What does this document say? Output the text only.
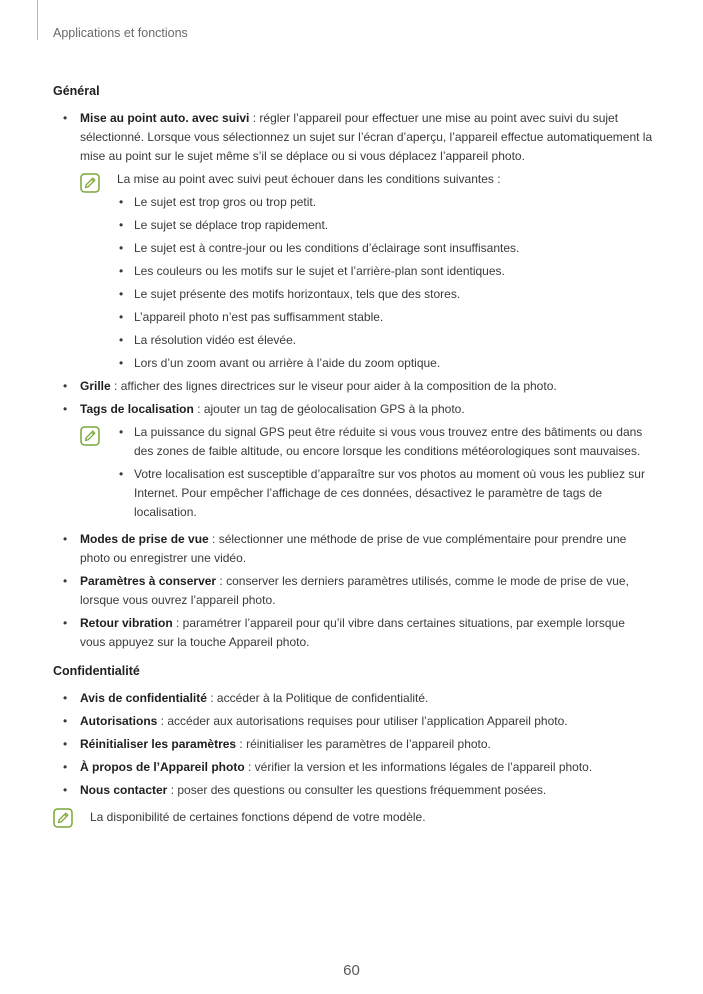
Applications et fonctions
Général
• Mise au point auto. avec suivi : régler l’appareil pour effectuer une mise au point avec suivi du sujet sélectionné. Lorsque vous sélectionnez un sujet sur l’écran d’aperçu, l’appareil effectue automatiquement la mise au point sur le sujet même s’il se déplace ou si vous déplacez l’appareil photo.
La mise au point avec suivi peut échouer dans les conditions suivantes :
• Le sujet est trop gros ou trop petit.
• Le sujet se déplace trop rapidement.
• Le sujet est à contre-jour ou les conditions d’éclairage sont insuffisantes.
• Les couleurs ou les motifs sur le sujet et l’arrière-plan sont identiques.
• Le sujet présente des motifs horizontaux, tels que des stores.
• L’appareil photo n’est pas suffisamment stable.
• La résolution vidéo est élevée.
• Lors d’un zoom avant ou arrière à l’aide du zoom optique.
• Grille : afficher des lignes directrices sur le viseur pour aider à la composition de la photo.
• Tags de localisation : ajouter un tag de géolocalisation GPS à la photo.
• La puissance du signal GPS peut être réduite si vous vous trouvez entre des bâtiments ou dans des zones de faible altitude, ou encore lorsque les conditions météorologiques sont mauvaises.
• Votre localisation est susceptible d’apparaître sur vos photos au moment où vous les publiez sur Internet. Pour empêcher l’affichage de ces données, désactivez le paramètre de tags de localisation.
• Modes de prise de vue : sélectionner une méthode de prise de vue complémentaire pour prendre une photo ou enregistrer une vidéo.
• Paramètres à conserver : conserver les derniers paramètres utilisés, comme le mode de prise de vue, lorsque vous ouvrez l’appareil photo.
• Retour vibration : paramétrer l’appareil pour qu’il vibre dans certaines situations, par exemple lorsque vous appuyez sur la touche Appareil photo.
Confidentialité
• Avis de confidentialité : accéder à la Politique de confidentialité.
• Autorisations : accéder aux autorisations requises pour utiliser l’application Appareil photo.
• Réinitialiser les paramètres : réinitialiser les paramètres de l’appareil photo.
• À propos de l’Appareil photo : vérifier la version et les informations légales de l’appareil photo.
• Nous contacter : poser des questions ou consulter les questions fréquemment posées.
La disponibilité de certaines fonctions dépend de votre modèle.
60
